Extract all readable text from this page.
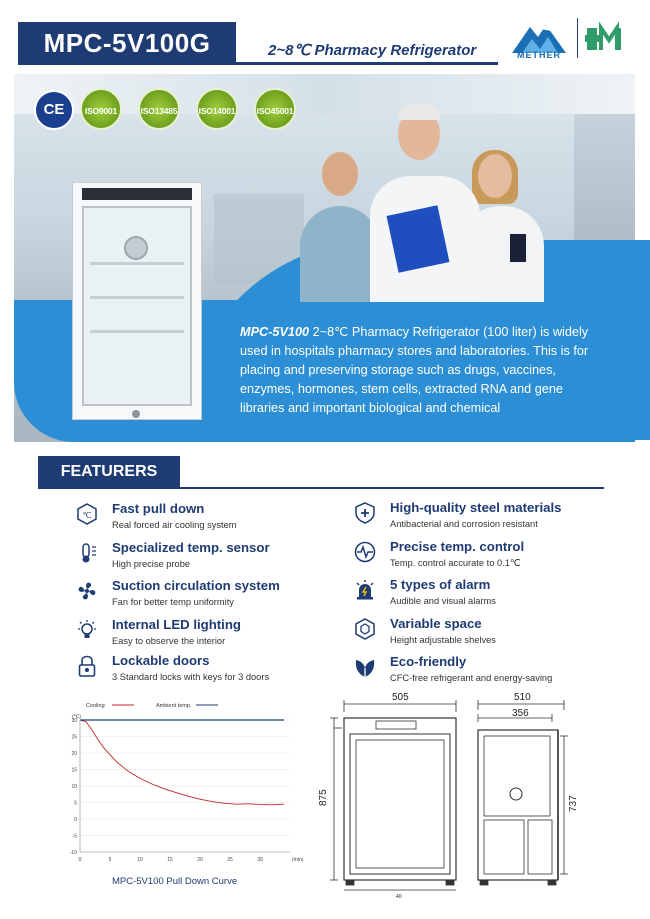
MPC-5V100G	2~8℃ Pharmacy Refrigerator	METHER
CE	ISO9001	ISO13485	ISO14001	ISO45001
MPC-5V100 2~8℃ Pharmacy Refrigerator (100 liter) is widely used in hospitals pharmacy stores and laboratories. This is for placing and preserving storage such as drugs, vaccines, enzymes, hormones, stem cells, extracted RNA and gene libraries and important biological and chemical
FEATURERS
℃ Fast pull down
Real forced air cooling system
High-quality steel materials
Antibacterial and corrosion resistant
Specialized temp. sensor
High precise probe
Precise temp. control
Temp. control accurate to 0.1℃
Suction circulation system
Fan for better temp uniformity
5 types of alarm
Audible and visual alarms
Internal LED lighting
Easy to observe the interior
Variable space
Height adjustable shelves
Lockable doors
3 Standard locks with keys for 3 doors
Eco-friendly
CFC-free refrigerant and energy-saving
-10
-5
0
5
10
15
20
25
30
0	5	10	15	20	25	30
(℃)
(min)
Cooling	Ambient temp.
MPC-5V100 Pull Down Curve
505
875
40
510
356
737
